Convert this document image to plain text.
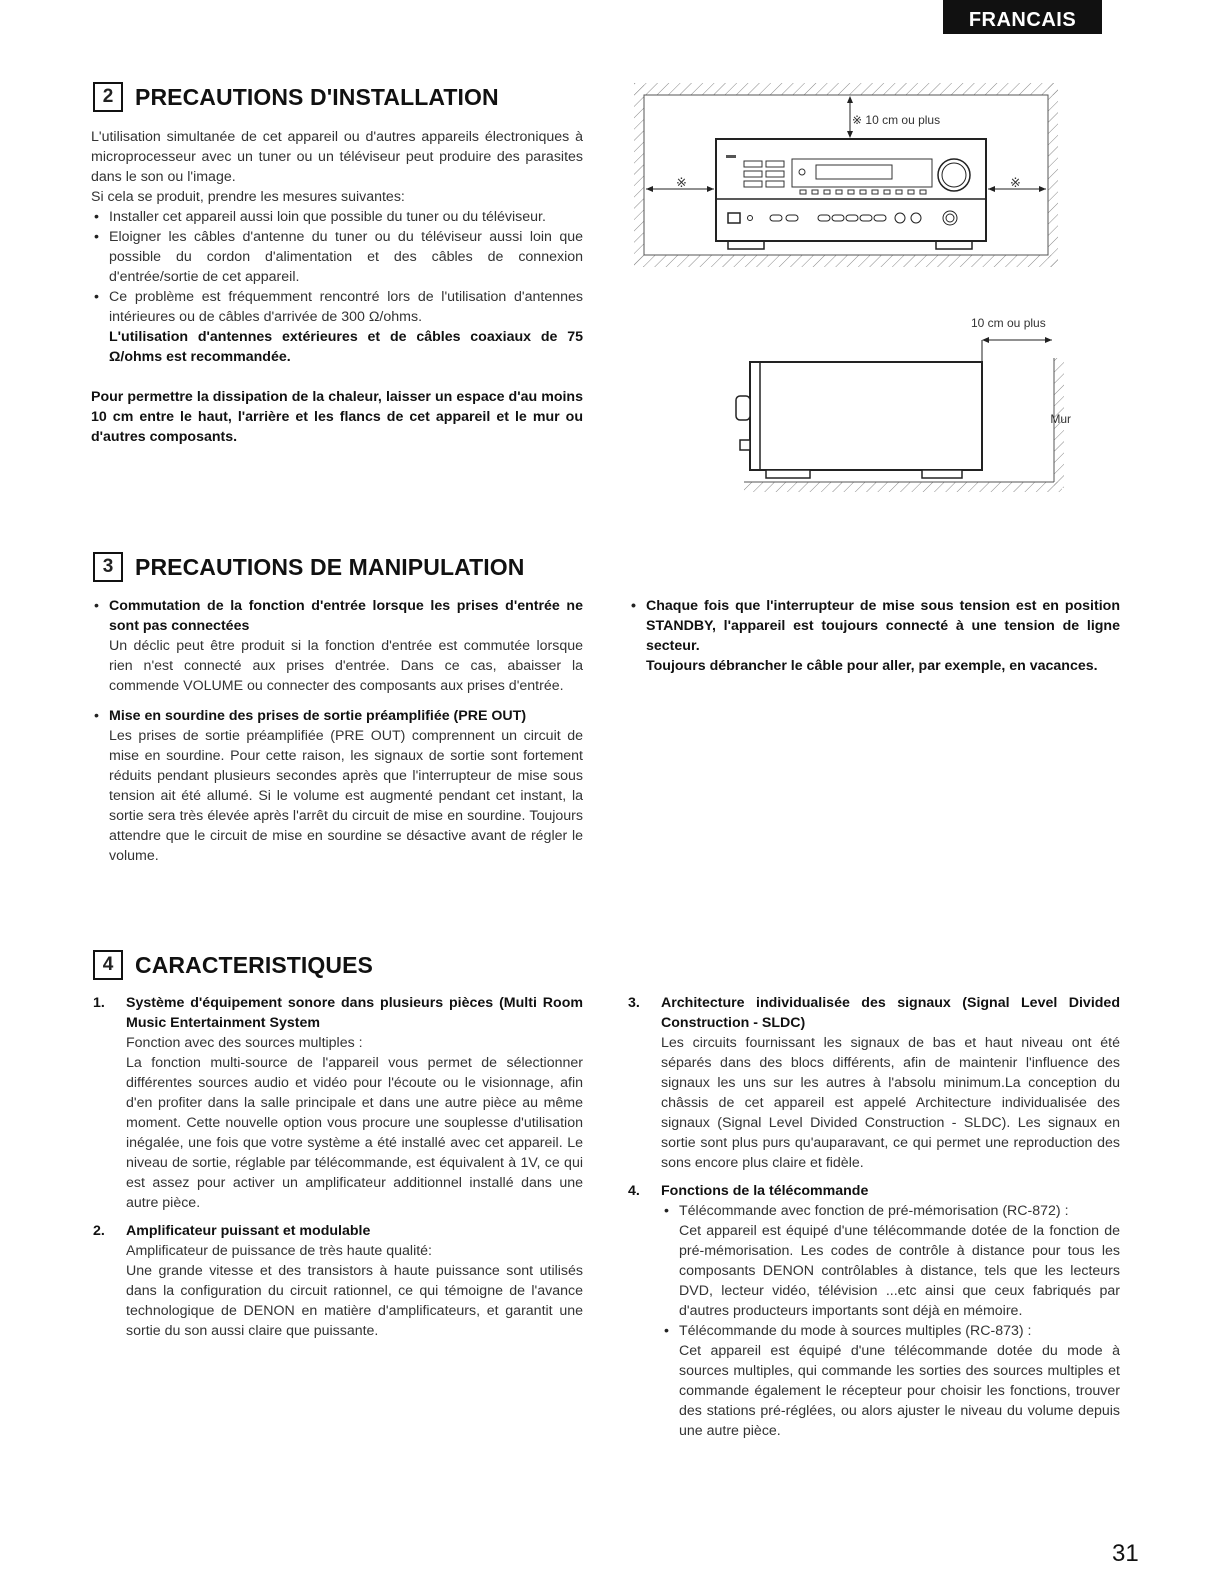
FRANCAIS
2 PRECAUTIONS D'INSTALLATION

L'utilisation simultanée de cet appareil ou d'autres appareils électroniques à microprocesseur avec un tuner ou un téléviseur peut produire des parasites dans le son ou l'image.

Si cela se produit, prendre les mesures suivantes:

• Installer cet appareil aussi loin que possible du tuner ou du téléviseur.
• Eloigner les câbles d'antenne du tuner ou du téléviseur aussi loin que possible du cordon d'alimentation et des câbles de connexion d'entrée/sortie de cet appareil.
• Ce problème est fréquemment rencontré lors de l'utilisation d'antennes intérieures ou de câbles d'arrivée de 300 Ω/ohms.
L'utilisation d'antennes extérieures et de câbles coaxiaux de 75 Ω/ohms est recommandée.

Pour permettre la dissipation de la chaleur, laisser un espace d'au moins 10 cm entre le haut, l'arrière et les flancs de cet appareil et le mur ou d'autres composants.

※ 10 cm ou plus
※	※
10 cm ou plus
Mur
3 PRECAUTIONS DE MANIPULATION
• Commutation de la fonction d'entrée lorsque les prises d'entrée ne sont pas connectées
Un déclic peut être produit si la fonction d'entrée est commutée lorsque rien n'est connecté aux prises d'entrée. Dans ce cas, abaisser la commende VOLUME ou connecter des composants aux prises d'entrée.
• Mise en sourdine des prises de sortie préamplifiée (PRE OUT)
Les prises de sortie préamplifiée (PRE OUT) comprennent un circuit de mise en sourdine. Pour cette raison, les signaux de sortie sont fortement réduits pendant plusieurs secondes après que l'interrupteur de mise sous tension ait été allumé. Si le volume est augmenté pendant cet instant, la sortie sera très élevée après l'arrêt du circuit de mise en sourdine. Toujours attendre que le circuit de mise en sourdine se désactive avant de régler le volume.
• Chaque fois que l'interrupteur de mise sous tension est en position STANDBY, l'appareil est toujours connecté à une tension de ligne secteur.
Toujours débrancher le câble pour aller, par exemple, en vacances.
4 CARACTERISTIQUES
1. Système d'équipement sonore dans plusieurs pièces (Multi Room Music Entertainment System

Fonction avec des sources multiples :

La fonction multi-source de l'appareil vous permet de sélectionner différentes sources audio et vidéo pour l'écoute ou le visionnage, afin d'en profiter dans la salle principale et dans une autre pièce au même moment. Cette nouvelle option vous procure une souplesse d'utilisation inégalée, une fois que votre système a été installé avec cet appareil. Le niveau de sortie, réglable par télécommande, est équivalent à 1V, ce qui est assez pour activer un amplificateur additionnel installé dans une autre pièce.

2. Amplificateur puissant et modulable

Amplificateur de puissance de très haute qualité:

Une grande vitesse et des transistors à haute puissance sont utilisés dans la configuration du circuit rationnel, ce qui témoigne de l'avance technologique de DENON en matière d'amplificateurs, et garantit une sortie du son aussi claire que puissante.

3. Architecture individualisée des signaux (Signal Level Divided Construction - SLDC)

Les circuits fournissant les signaux de bas et haut niveau ont été séparés dans des blocs différents, afin de maintenir l'influence des signaux les uns sur les autres à l'absolu minimum.La conception du châssis de cet appareil est appelé Architecture individualisée des signaux (Signal Level Divided Construction - SLDC). Les signaux en sortie sont plus purs qu'auparavant, ce qui permet une reproduction des sons encore plus claire et fidèle.

4. Fonctions de la télécommande

• Télécommande avec fonction de pré-mémorisation (RC-872) :
Cet appareil est équipé d'une télécommande dotée de la fonction de pré-mémorisation. Les codes de contrôle à distance pour tous les composants DENON contrôlables à distance, tels que les lecteurs DVD, lecteur vidéo, télévision ...etc ainsi que ceux fabriqués par d'autres producteurs importants sont déjà en mémoire.
• Télécommande du mode à sources multiples (RC-873) :
Cet appareil est équipé d'une télécommande dotée du mode à sources multiples, qui commande les sorties des sources multiples et commande également le récepteur pour choisir les fonctions, trouver des stations pré-réglées, ou alors ajuster le niveau du volume depuis une autre pièce.
31
